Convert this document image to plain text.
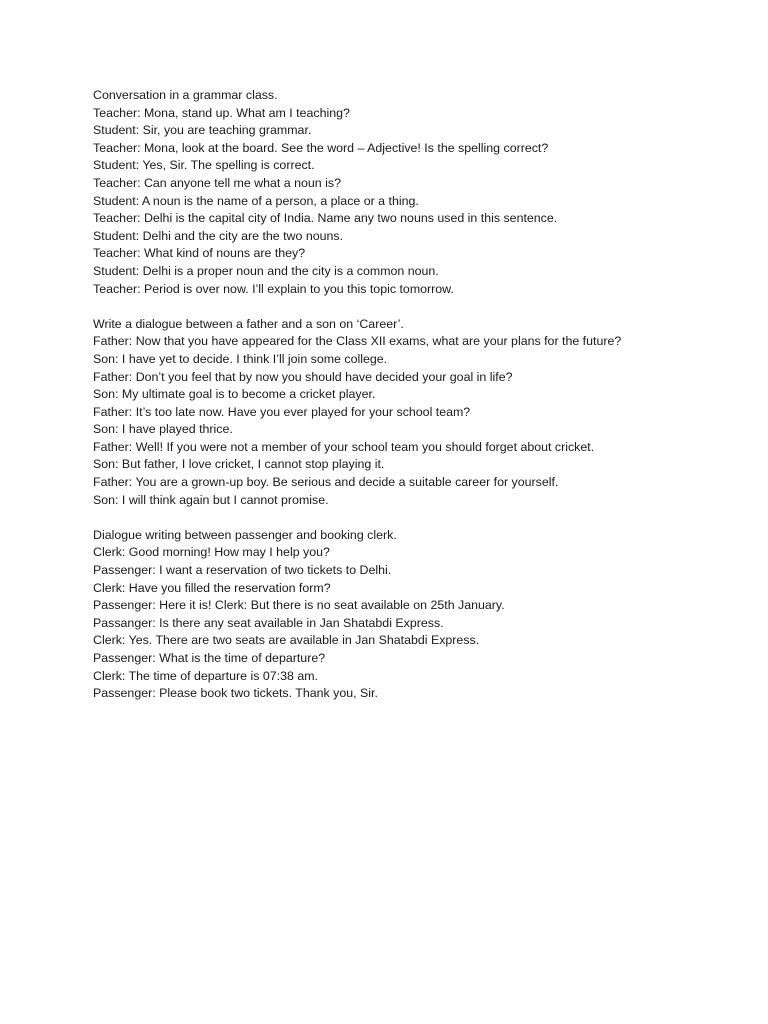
Conversation in a grammar class.
Teacher: Mona, stand up. What am I teaching?
Student: Sir, you are teaching grammar.
Teacher: Mona, look at the board. See the word – Adjective! Is the spelling correct?
Student: Yes, Sir. The spelling is correct.
Teacher: Can anyone tell me what a noun is?
Student: A noun is the name of a person, a place or a thing.
Teacher: Delhi is the capital city of India. Name any two nouns used in this sentence.
Student: Delhi and the city are the two nouns.
Teacher: What kind of nouns are they?
Student: Delhi is a proper noun and the city is a common noun.
Teacher: Period is over now. I’ll explain to you this topic tomorrow.
Write a dialogue between a father and a son on ‘Career’.
Father: Now that you have appeared for the Class XII exams, what are your plans for the future?
Son: I have yet to decide. I think I’ll join some college.
Father: Don’t you feel that by now you should have decided your goal in life?
Son: My ultimate goal is to become a cricket player.
Father: It’s too late now. Have you ever played for your school team?
Son: I have played thrice.
Father: Well! If you were not a member of your school team you should forget about cricket.
Son: But father, I love cricket, I cannot stop playing it.
Father: You are a grown-up boy. Be serious and decide a suitable career for yourself.
Son: I will think again but I cannot promise.
Dialogue writing between passenger and booking clerk.
Clerk: Good morning! How may I help you?
Passenger: I want a reservation of two tickets to Delhi.
Clerk: Have you filled the reservation form?
Passenger: Here it is! Clerk: But there is no seat available on 25th January.
Passanger: Is there any seat available in Jan Shatabdi Express.
Clerk: Yes. There are two seats are available in Jan Shatabdi Express.
Passenger: What is the time of departure?
Clerk: The time of departure is 07:38 am.
Passenger: Please book two tickets. Thank you, Sir.
